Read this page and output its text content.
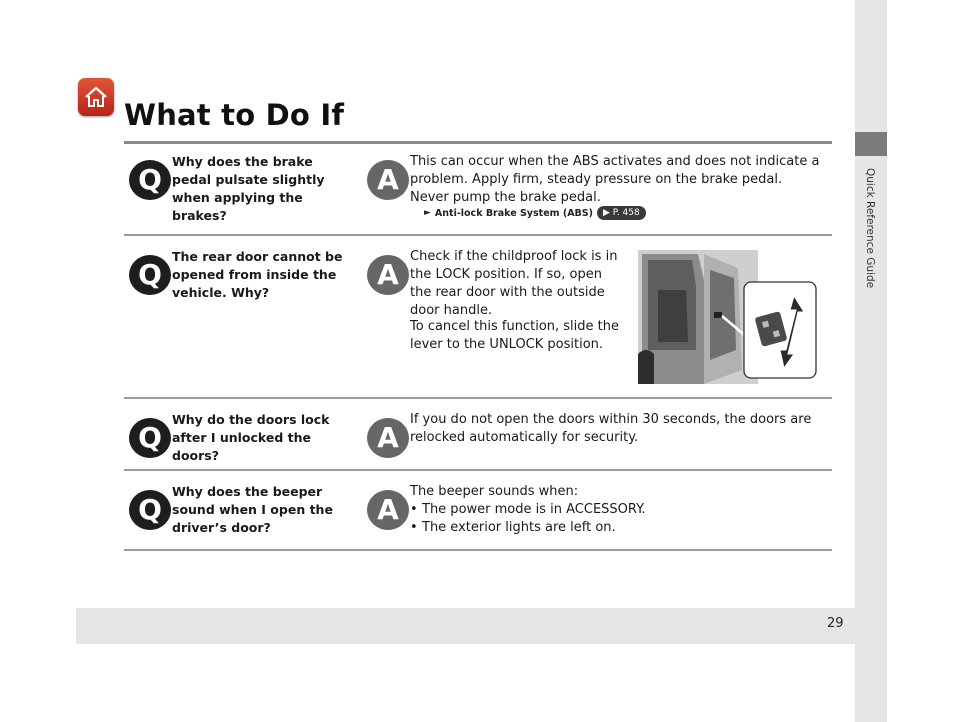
What to Do If
Quick Reference Guide
Q

Why does the brake pedal pulsate slightly when applying the brakes?

A

This can occur when the ABS activates and does not indicate a problem. Apply firm, steady pressure on the brake pedal. Never pump the brake pedal.

► Anti-lock Brake System (ABS)	▶ P. 458
Q

The rear door cannot be opened from inside the vehicle. Why?

A

Check if the childproof lock is in the LOCK position. If so, open the rear door with the outside door handle.

To cancel this function, slide the lever to the UNLOCK position.

Q

Why do the doors lock after I unlocked the doors?

A

If you do not open the doors within 30 seconds, the doors are relocked automatically for security.

Q

Why does the beeper sound when I open the driver’s door?

A

The beeper sounds when:

• The power mode is in ACCESSORY.
• The exterior lights are left on.
29
